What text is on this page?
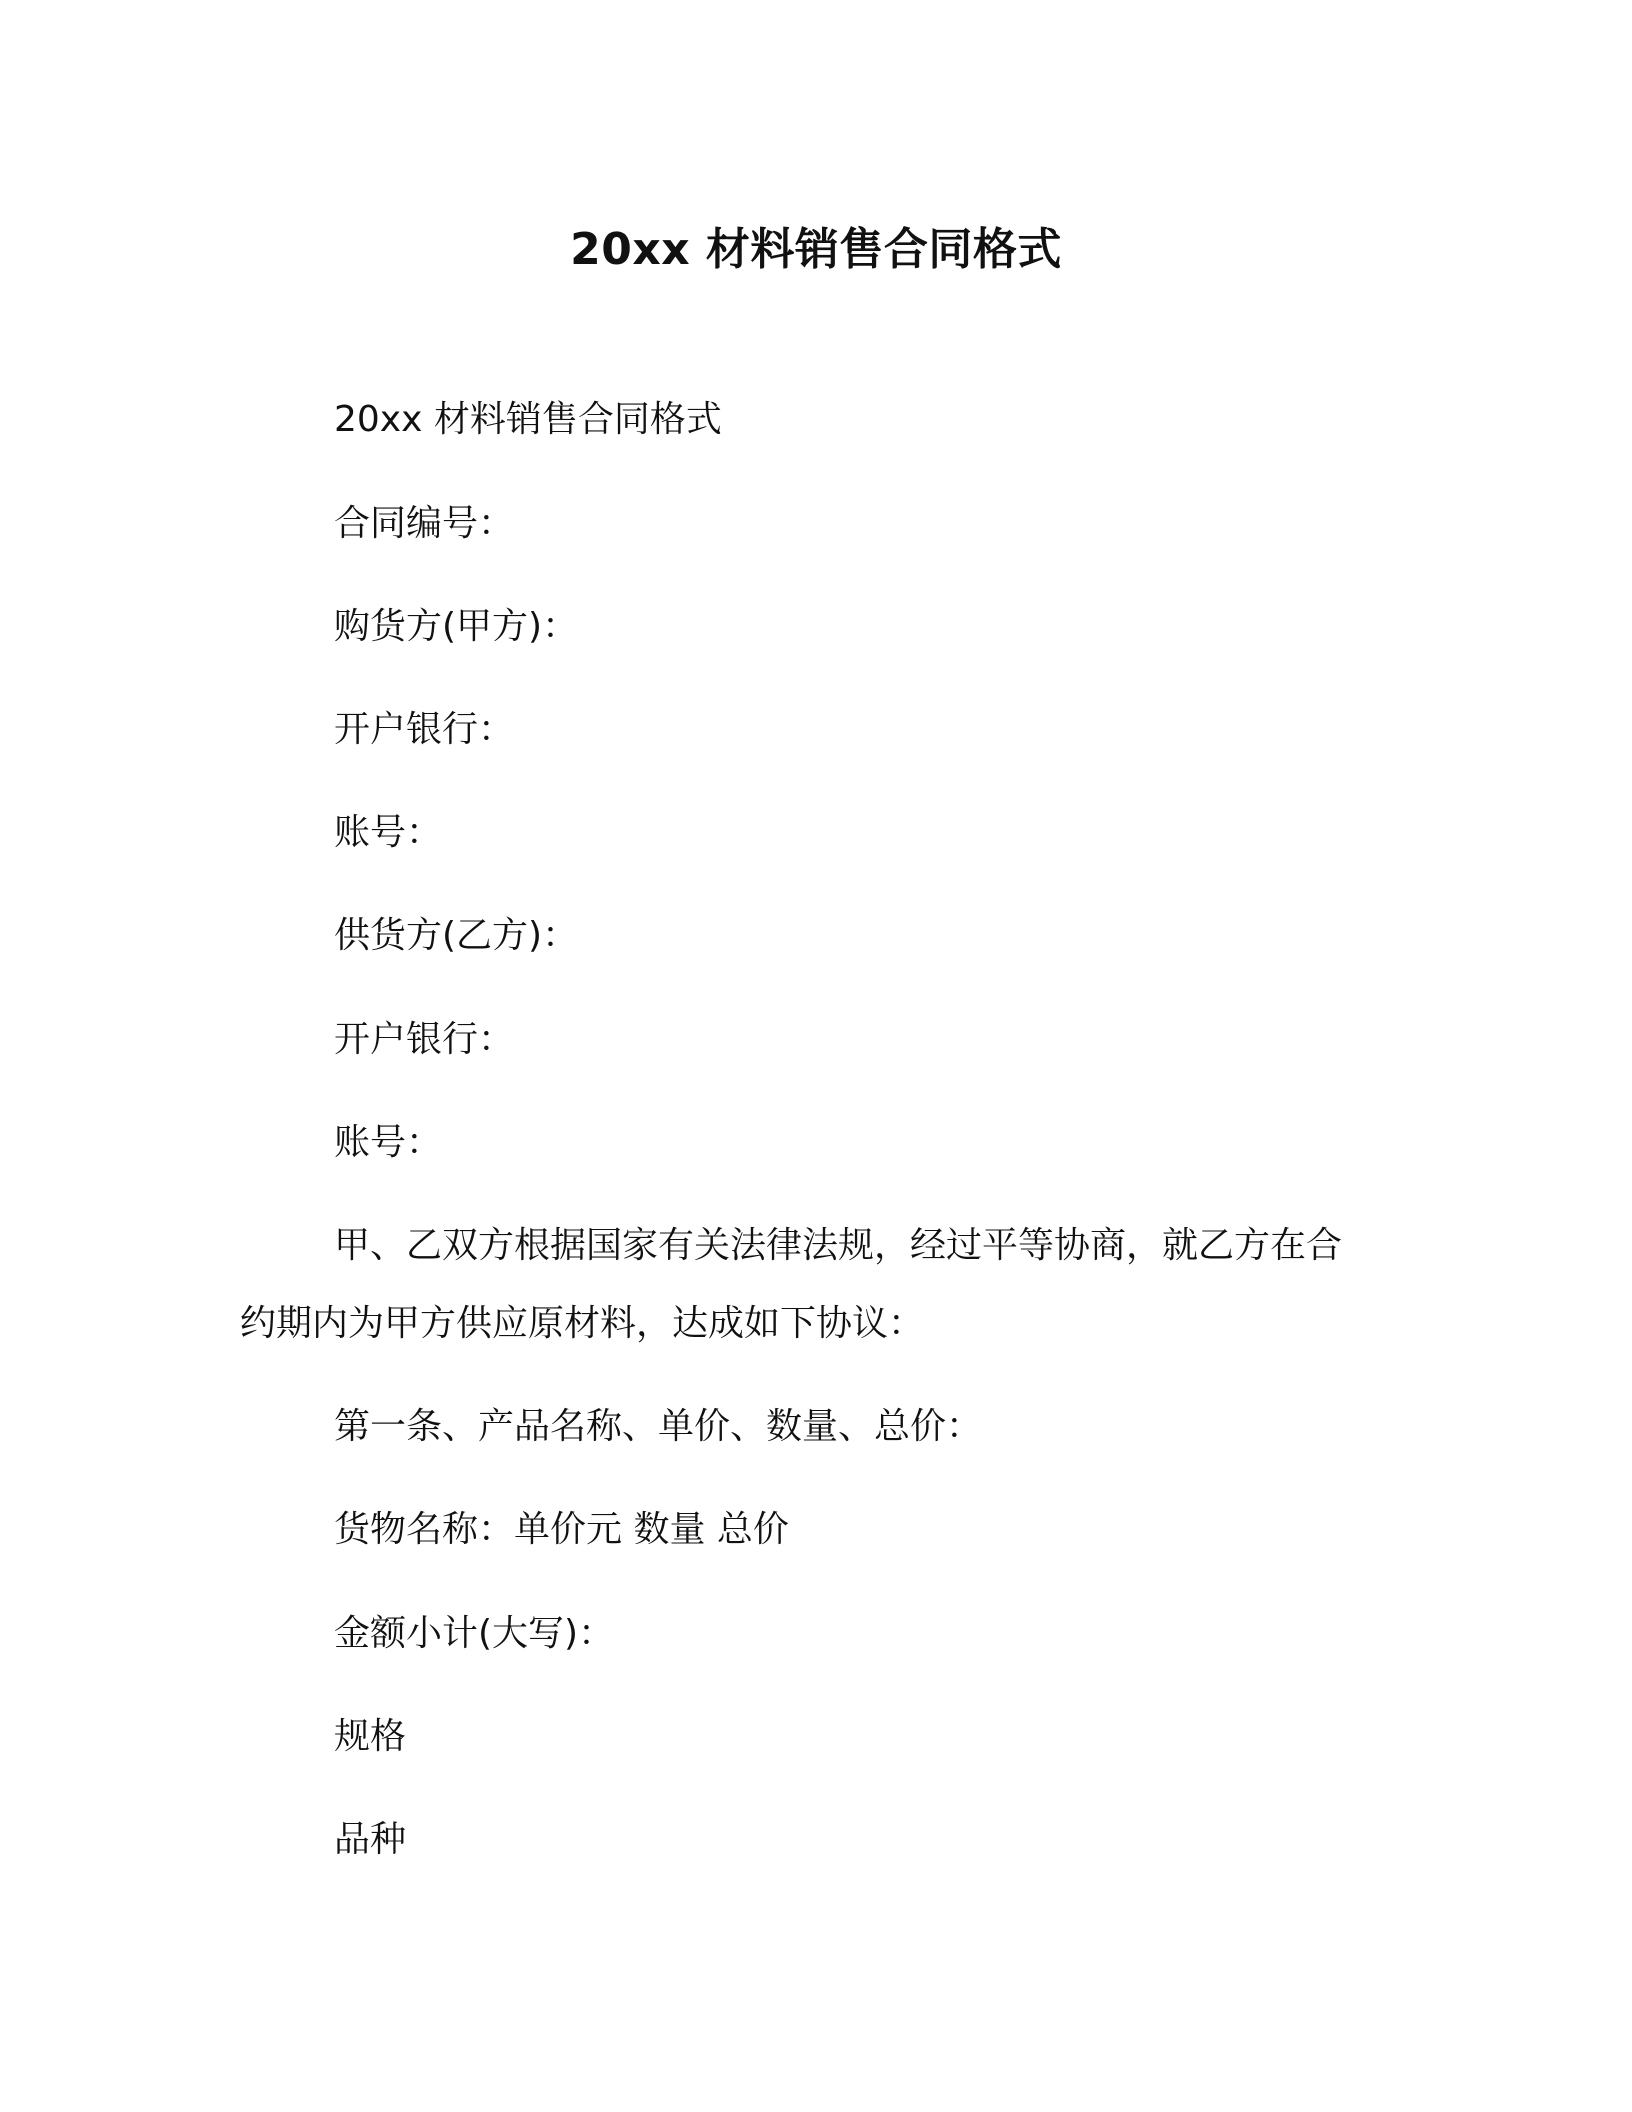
20xx 材料销售合同格式
20xx 材料销售合同格式
合同编号：
购货方(甲方)：
开户银行：
账号：
供货方(乙方)：
开户银行：
账号：
甲、乙双方根据国家有关法律法规，经过平等协商，就乙方在合
约期内为甲方供应原材料，达成如下协议：
第一条、产品名称、单价、数量、总价：
货物名称：单价元 数量 总价
金额小计(大写)：
规格
品种
